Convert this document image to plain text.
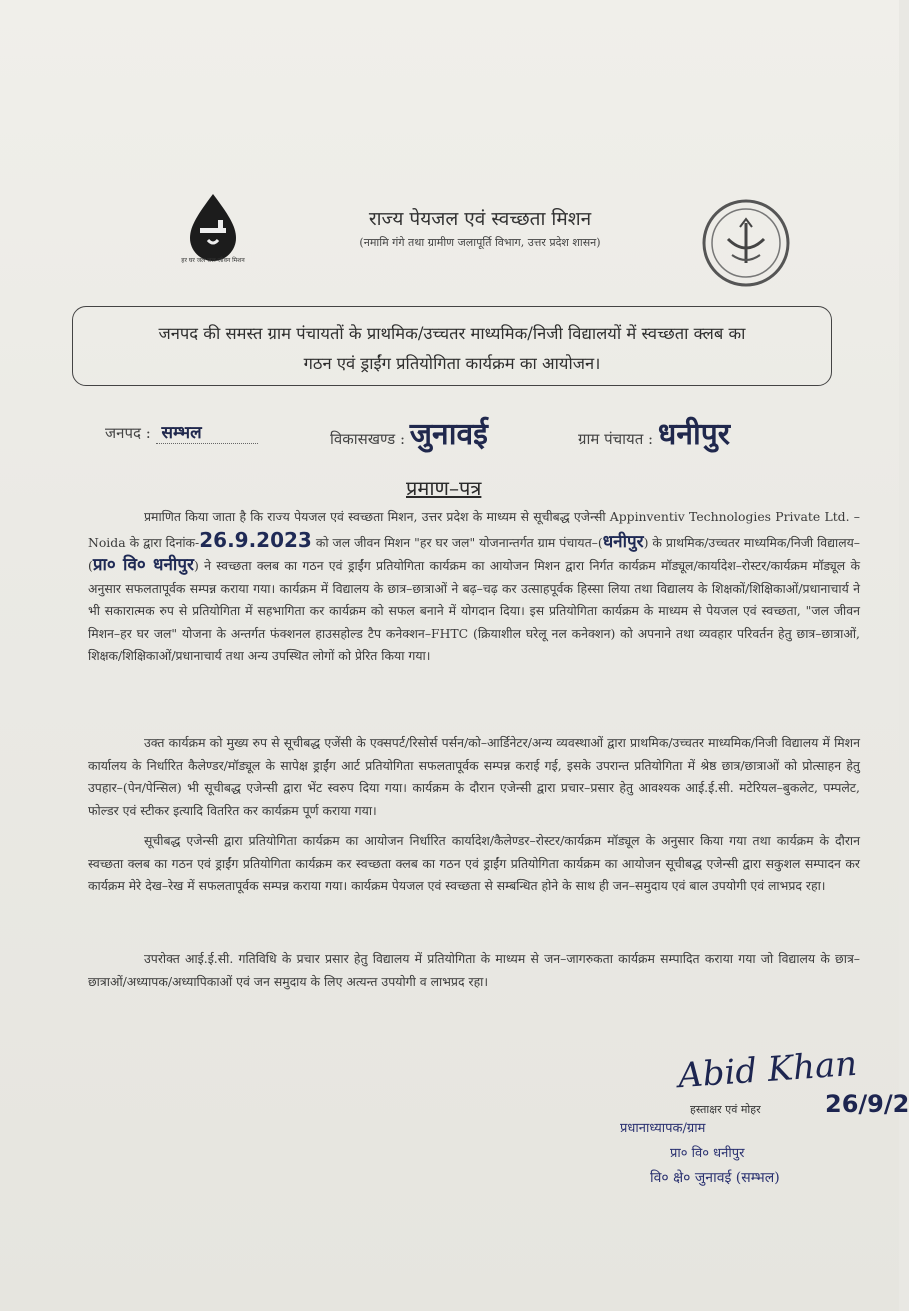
हर घर जल जल जीवन मिशन
राज्य पेयजल एवं स्वच्छता मिशन
(नमामि गंगे तथा ग्रामीण जलापूर्ति विभाग, उत्तर प्रदेश शासन)
जनपद की समस्त ग्राम पंचायतों के प्राथमिक/उच्चतर माध्यमिक/निजी विद्यालयों में स्वच्छता क्लब का
गठन एवं ड्राईंग प्रतियोगिता कार्यक्रम का आयोजन।
जनपद : सम्भल	विकासखण्ड : जुनावई	ग्राम पंचायत : धनीपुर
प्रमाण–पत्र

प्रमाणित किया जाता है कि राज्य पेयजल एवं स्वच्छता मिशन, उत्तर प्रदेश के माध्यम से सूचीबद्ध एजेन्सी Appinventiv Technologies Private Ltd. – Noida के द्वारा दिनांक-26.9.2023 को जल जीवन मिशन "हर घर जल" योजनान्तर्गत ग्राम पंचायत–(धनीपुर) के प्राथमिक/उच्चतर माध्यमिक/निजी विद्यालय–(प्रा० वि० धनीपुर) ने स्वच्छता क्लब का गठन एवं ड्राईंग प्रतियोगिता कार्यक्रम का आयोजन मिशन द्वारा निर्गत कार्यक्रम मॉड्यूल/कार्यादेश–रोस्टर/कार्यक्रम मॉड्यूल के अनुसार सफलतापूर्वक सम्पन्न कराया गया। कार्यक्रम में विद्यालय के छात्र–छात्राओं ने बढ़–चढ़ कर उत्साहपूर्वक हिस्सा लिया तथा विद्यालय के शिक्षकों/शिक्षिकाओं/प्रधानाचार्य ने भी सकारात्मक रुप से प्रतियोगिता में सहभागिता कर कार्यक्रम को सफल बनाने में योगदान दिया। इस प्रतियोगिता कार्यक्रम के माध्यम से पेयजल एवं स्वच्छता, "जल जीवन मिशन–हर घर जल" योजना के अन्तर्गत फंक्शनल हाउसहोल्ड टैप कनेक्शन–FHTC (क्रियाशील घरेलू नल कनेक्शन) को अपनाने तथा व्यवहार परिवर्तन हेतु छात्र–छात्राओं, शिक्षक/शिक्षिकाओं/प्रधानाचार्य तथा अन्य उपस्थित लोगों को प्रेरित किया गया।

उक्त कार्यक्रम को मुख्य रुप से सूचीबद्ध एजेंसी के एक्सपर्ट/रिसोर्स पर्सन/को–आर्डिनेटर/अन्य व्यवस्थाओं द्वारा प्राथमिक/उच्चतर माध्यमिक/निजी विद्यालय में मिशन कार्यालय के निर्धारित कैलेण्डर/मॉड्यूल के सापेक्ष ड्राईंग आर्ट प्रतियोगिता सफलतापूर्वक सम्पन्न कराई गई, इसके उपरान्त प्रतियोगिता में श्रेष्ठ छात्र/छात्राओं को प्रोत्साहन हेतु उपहार–(पेन/पेन्सिल) भी सूचीबद्ध एजेन्सी द्वारा भेंट स्वरुप दिया गया। कार्यक्रम के दौरान एजेन्सी द्वारा प्रचार–प्रसार हेतु आवश्यक आई.ई.सी. मटेरियल–बुकलेट, पम्पलेट, फोल्डर एवं स्टीकर इत्यादि वितरित कर कार्यक्रम पूर्ण कराया गया।

सूचीबद्ध एजेन्सी द्वारा प्रतियोगिता कार्यक्रम का आयोजन निर्धारित कार्यादेश/कैलेण्डर–रोस्टर/कार्यक्रम मॉड्यूल के अनुसार किया गया तथा कार्यक्रम के दौरान स्वच्छता क्लब का गठन एवं ड्राईंग प्रतियोगिता कार्यक्रम कर स्वच्छता क्लब का गठन एवं ड्राईंग प्रतियोगिता कार्यक्रम का आयोजन सूचीबद्ध एजेन्सी द्वारा सकुशल सम्पादन कर कार्यक्रम मेरे देख–रेख में सफलतापूर्वक सम्पन्न कराया गया। कार्यक्रम पेयजल एवं स्वच्छता से सम्बन्धित होने के साथ ही जन–समुदाय एवं बाल उपयोगी एवं लाभप्रद रहा।

उपरोक्त आई.ई.सी. गतिविधि के प्रचार प्रसार हेतु विद्यालय में प्रतियोगिता के माध्यम से जन–जागरुकता कार्यक्रम सम्पादित कराया गया जो विद्यालय के छात्र–छात्राओं/अध्यापक/अध्यापिकाओं एवं जन समुदाय के लिए अत्यन्त उपयोगी व लाभप्रद रहा।

Abid Khan
26/9/2
हस्ताक्षर एवं मोहर
प्रधानाध्यापक/ग्राम
प्रा० वि० धनीपुर
वि० क्षे० जुनावई (सम्भल)
